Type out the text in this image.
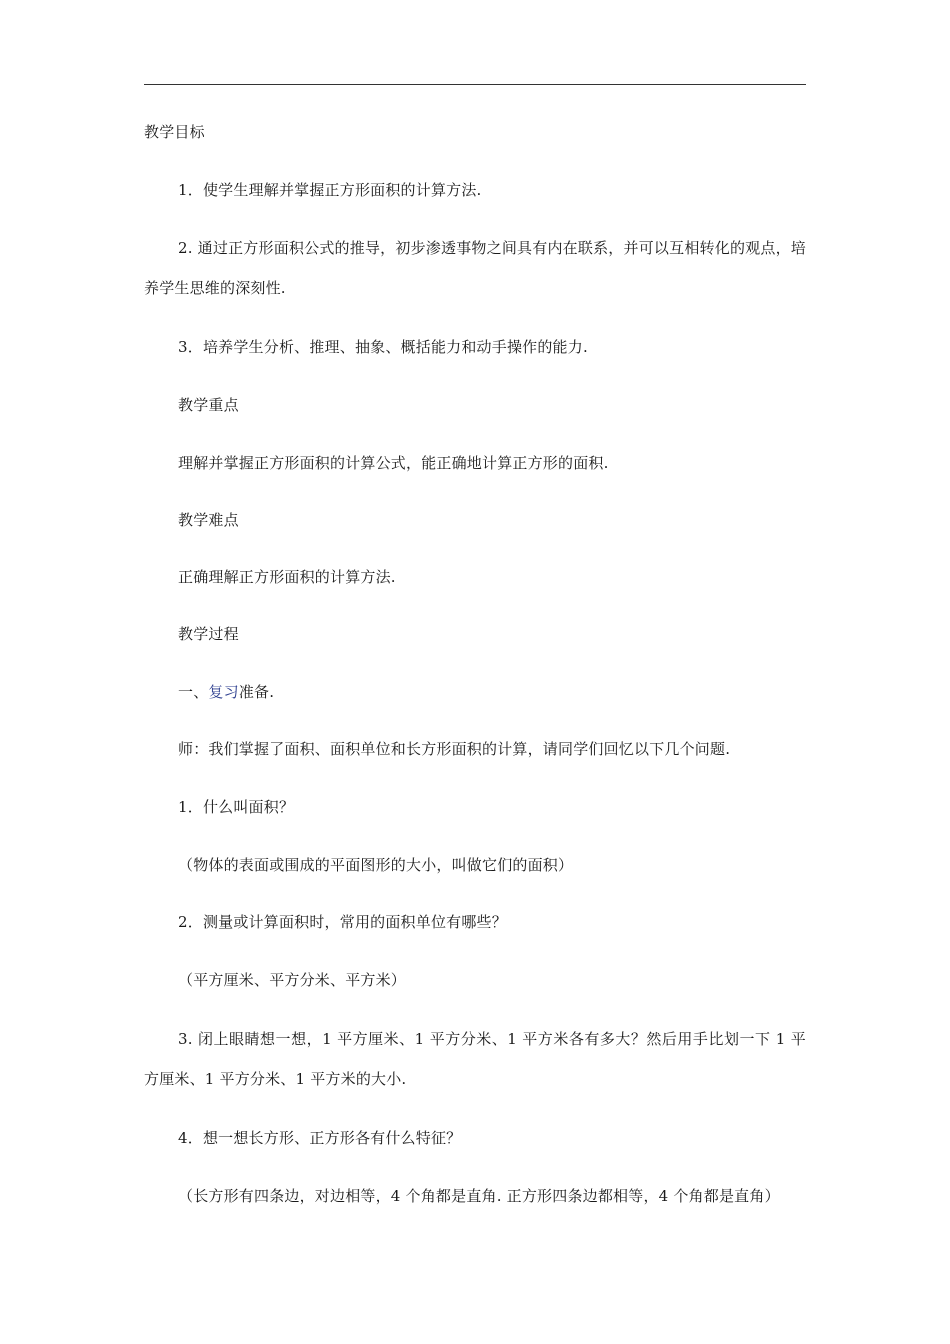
教学目标
1．使学生理解并掌握正方形面积的计算方法.
2. 通过正方形面积公式的推导，初步渗透事物之间具有内在联系，并可以互相转化的观点，培养学生思维的深刻性.
3．培养学生分析、推理、抽象、概括能力和动手操作的能力.
教学重点
理解并掌握正方形面积的计算公式，能正确地计算正方形的面积.
教学难点
正确理解正方形面积的计算方法.
教学过程
一、复习准备.
师：我们掌握了面积、面积单位和长方形面积的计算，请同学们回忆以下几个问题.
1．什么叫面积？
（物体的表面或围成的平面图形的大小，叫做它们的面积）
2．测量或计算面积时，常用的面积单位有哪些？
（平方厘米、平方分米、平方米）
3. 闭上眼睛想一想，1 平方厘米、1 平方分米、1 平方米各有多大？然后用手比划一下 1 平方厘米、1 平方分米、1 平方米的大小.
4．想一想长方形、正方形各有什么特征？
（长方形有四条边，对边相等，4 个角都是直角. 正方形四条边都相等，4 个角都是直角）
